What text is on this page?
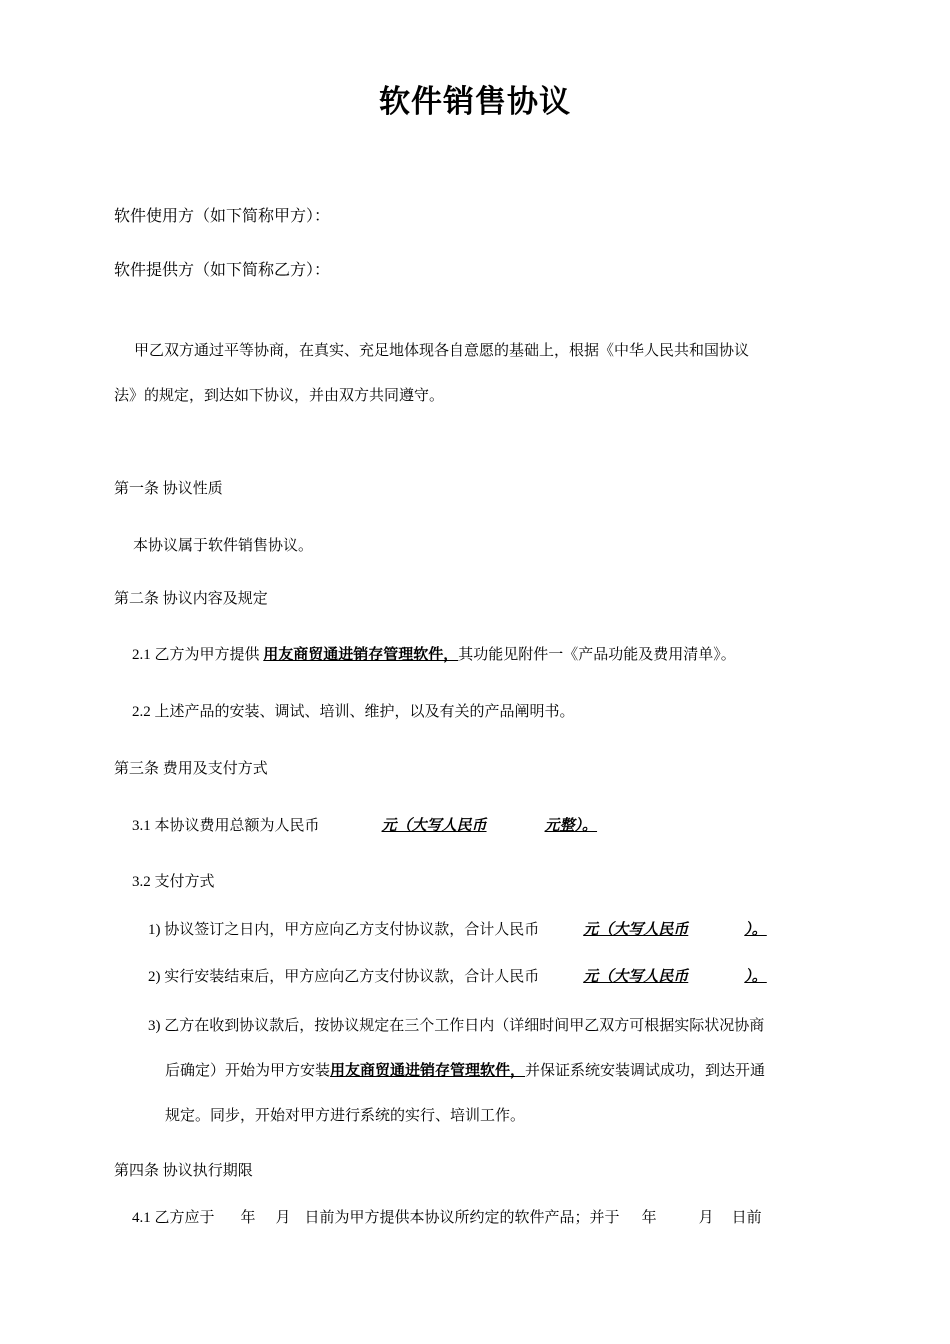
软件销售协议
软件使用方（如下简称甲方）：
软件提供方（如下简称乙方）：
甲乙双方通过平等协商，在真实、充足地体现各自意愿的基础上，根据《中华人民共和国协议
法》的规定，到达如下协议，并由双方共同遵守。
第一条 协议性质
本协议属于软件销售协议。
第二条 协议内容及规定
2.1 乙方为甲方提供 用友商贸通进销存管理软件，其功能见附件一《产品功能及费用清单》。
2.2 上述产品的安装、调试、培训、维护，以及有关的产品阐明书。
第三条 费用及支付方式
3.1 本协议费用总额为人民币	元（大写人民币	元整）。
3.2 支付方式
1) 协议签订之日内，甲方应向乙方支付协议款，合计人民币	元（大写人民币	）。
2) 实行安装结束后，甲方应向乙方支付协议款，合计人民币	元（大写人民币	）。
3) 乙方在收到协议款后，按协议规定在三个工作日内（详细时间甲乙双方可根据实际状况协商
后确定）开始为甲方安装用友商贸通进销存管理软件，并保证系统安装调试成功，到达开通
规定。同步，开始对甲方进行系统的实行、培训工作。
第四条 协议执行期限
4.1 乙方应于 年 月 日前为甲方提供本协议所约定的软件产品；并于 年	月 日前
